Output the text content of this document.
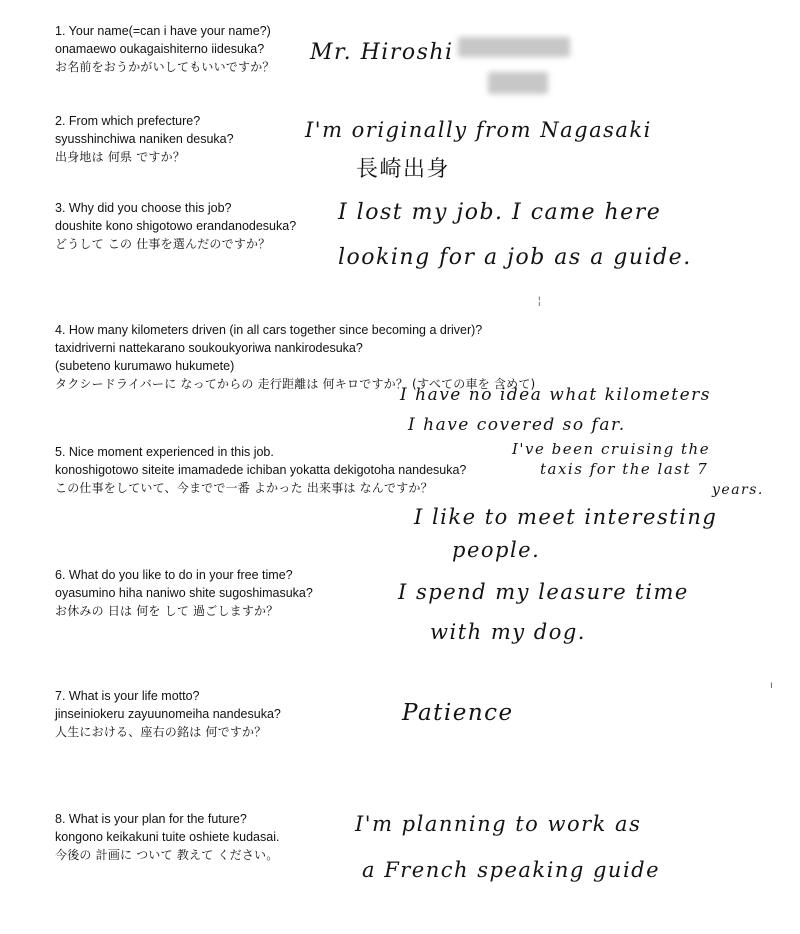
1. Your name(=can i have your name?)
onamaewo oukagaishiterno iidesuka?
お名前をおうかがいしてもいいですか？
Mr. Hiroshi
2. From which prefecture?
syusshinchiwa naniken desuka?
出身地は 何県 ですか？
I'm originally from Nagasaki
長崎出身
3. Why did you choose this job?
doushite kono shigotowo erandanodesuka?
どうして この 仕事を選んだのですか？
I lost my job. I came here
looking for a job as a guide.
¦
4. How many kilometers driven (in all cars together since becoming a driver)?
taxidriverni nattekarano soukoukyoriwa nankirodesuka?
(subeteno kurumawo hukumete)
タクシードライバーに なってからの 走行距離は 何キロですか？ (すべての車を 含めて)
I have no idea what kilometers
I have covered so far.
I've been cruising the
taxis for the last 7
years.
5. Nice moment experienced in this job.
konoshigotowo siteite imamadede ichiban yokatta dekigotoha nandesuka?
この仕事をしていて、今までで一番 よかった 出来事は なんですか？
I like to meet interesting
people.
6. What do you like to do in your free time?
oyasumino hiha naniwo shite sugoshimasuka?
お休みの 日は 何を して 過ごしますか？
I spend my leasure time
with my dog.
7. What is your life motto?
jinseiniokeru zayuunomeiha nandesuka?
人生における、座右の銘は 何ですか？
Patience
ı
8. What is your plan for the future?
kongono keikakuni tuite oshiete kudasai.
今後の 計画に ついて 教えて ください。
I'm planning to work as
a French speaking guide
